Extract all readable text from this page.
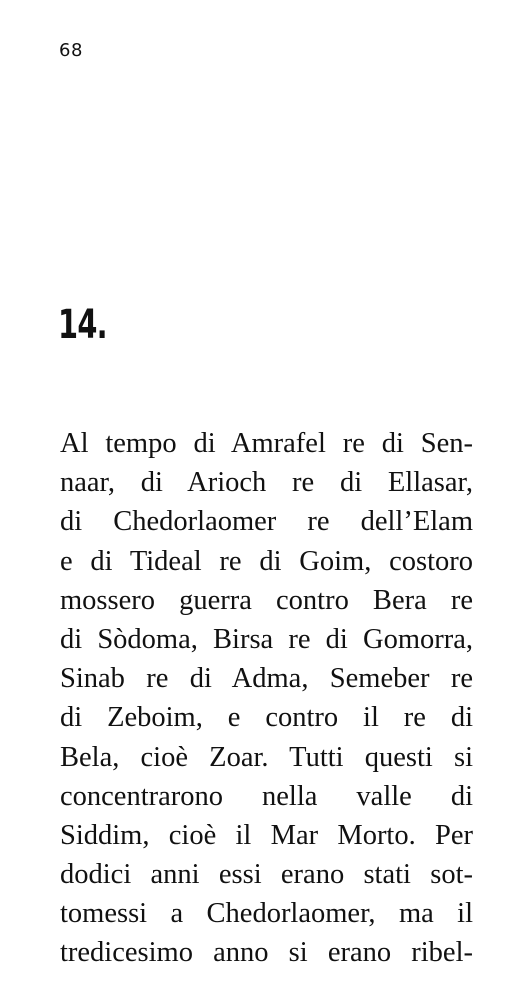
68
14.
Al tempo di Amrafel re di Sen-
naar, di Arioch re di Ellasar,
di Chedorlaomer re dell’Elam
e di Tideal re di Goim, costoro
mossero guerra contro Bera re
di Sòdoma, Birsa re di Gomorra,
Sinab re di Adma, Semeber re
di Zeboim, e contro il re di
Bela, cioè Zoar. Tutti questi si
concentrarono nella valle di
Siddim, cioè il Mar Morto. Per
dodici anni essi erano stati sot-
tomessi a Chedorlaomer, ma il
tredicesimo anno si erano ribel-
